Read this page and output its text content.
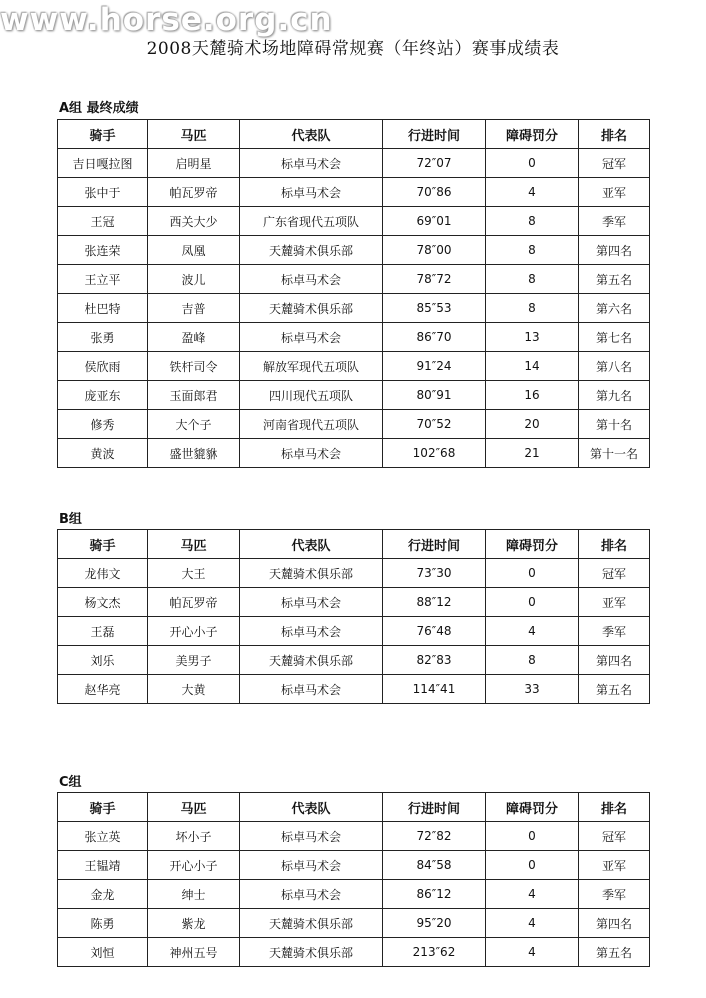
www.horse.org.cn
2008天麓骑术场地障碍常规赛（年终站）赛事成绩表
A组 最终成绩
骑手	马匹	代表队	行进时间	障碍罚分	排名
吉日嘎拉图	启明星	标卓马术会	72″07	0	冠军
张中于	帕瓦罗帝	标卓马术会	70″86	4	亚军
王冠	西关大少	广东省现代五项队	69″01	8	季军
张连荣	凤凰	天麓骑术俱乐部	78″00	8	第四名
王立平	波儿	标卓马术会	78″72	8	第五名
杜巴特	吉普	天麓骑术俱乐部	85″53	8	第六名
张勇	盈峰	标卓马术会	86″70	13	第七名
侯欣雨	铁杆司令	解放军现代五项队	91″24	14	第八名
庞亚东	玉面郎君	四川现代五项队	80″91	16	第九名
修秀	大个子	河南省现代五项队	70″52	20	第十名
黄波	盛世貔貅	标卓马术会	102″68	21	第十一名
B组
骑手	马匹	代表队	行进时间	障碍罚分	排名
龙伟文	大王	天麓骑术俱乐部	73″30	0	冠军
杨文杰	帕瓦罗帝	标卓马术会	88″12	0	亚军
王磊	开心小子	标卓马术会	76″48	4	季军
刘乐	美男子	天麓骑术俱乐部	82″83	8	第四名
赵华亮	大黄	标卓马术会	114″41	33	第五名
C组
骑手	马匹	代表队	行进时间	障碍罚分	排名
张立英	坏小子	标卓马术会	72″82	0	冠军
王韫靖	开心小子	标卓马术会	84″58	0	亚军
金龙	绅士	标卓马术会	86″12	4	季军
陈勇	紫龙	天麓骑术俱乐部	95″20	4	第四名
刘恒	神州五号	天麓骑术俱乐部	213″62	4	第五名
